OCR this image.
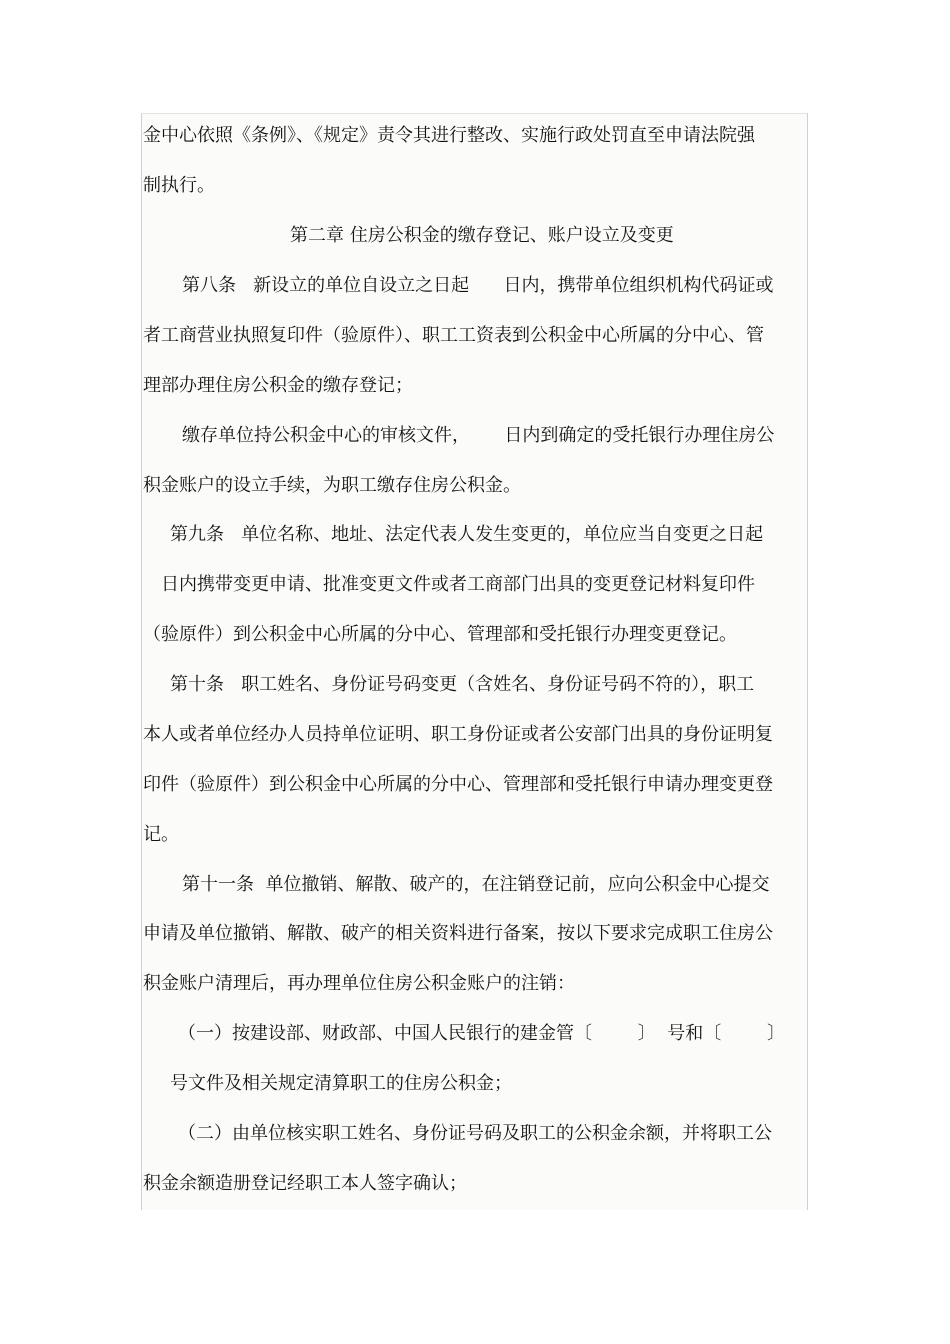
金中心依照《条例》、《规定》责令其进行整改、实施行政处罚直至申请法院强
制执行。
第二章 住房公积金的缴存登记、账户设立及变更
第八条   新设立的单位自设立之日起      日内，携带单位组织机构代码证或
者工商营业执照复印件（验原件）、职工工资表到公积金中心所属的分中心、管
理部办理住房公积金的缴存登记；
缴存单位持公积金中心的审核文件，      日内到确定的受托银行办理住房公
积金账户的设立手续，为职工缴存住房公积金。
第九条   单位名称、地址、法定代表人发生变更的，单位应当自变更之日起
日内携带变更申请、批准变更文件或者工商部门出具的变更登记材料复印件
（验原件）到公积金中心所属的分中心、管理部和受托银行办理变更登记。
第十条   职工姓名、身份证号码变更（含姓名、身份证号码不符的），职工
本人或者单位经办人员持单位证明、职工身份证或者公安部门出具的身份证明复
印件（验原件）到公积金中心所属的分中心、管理部和受托银行申请办理变更登
记。
第十一条  单位撤销、解散、破产的，在注销登记前，应向公积金中心提交
申请及单位撤销、解散、破产的相关资料进行备案，按以下要求完成职工住房公
积金账户清理后，再办理单位住房公积金账户的注销：
（一）按建设部、财政部、中国人民银行的建金管〔        〕  号和〔        〕
号文件及相关规定清算职工的住房公积金；
（二）由单位核实职工姓名、身份证号码及职工的公积金余额，并将职工公
积金余额造册登记经职工本人签字确认；
